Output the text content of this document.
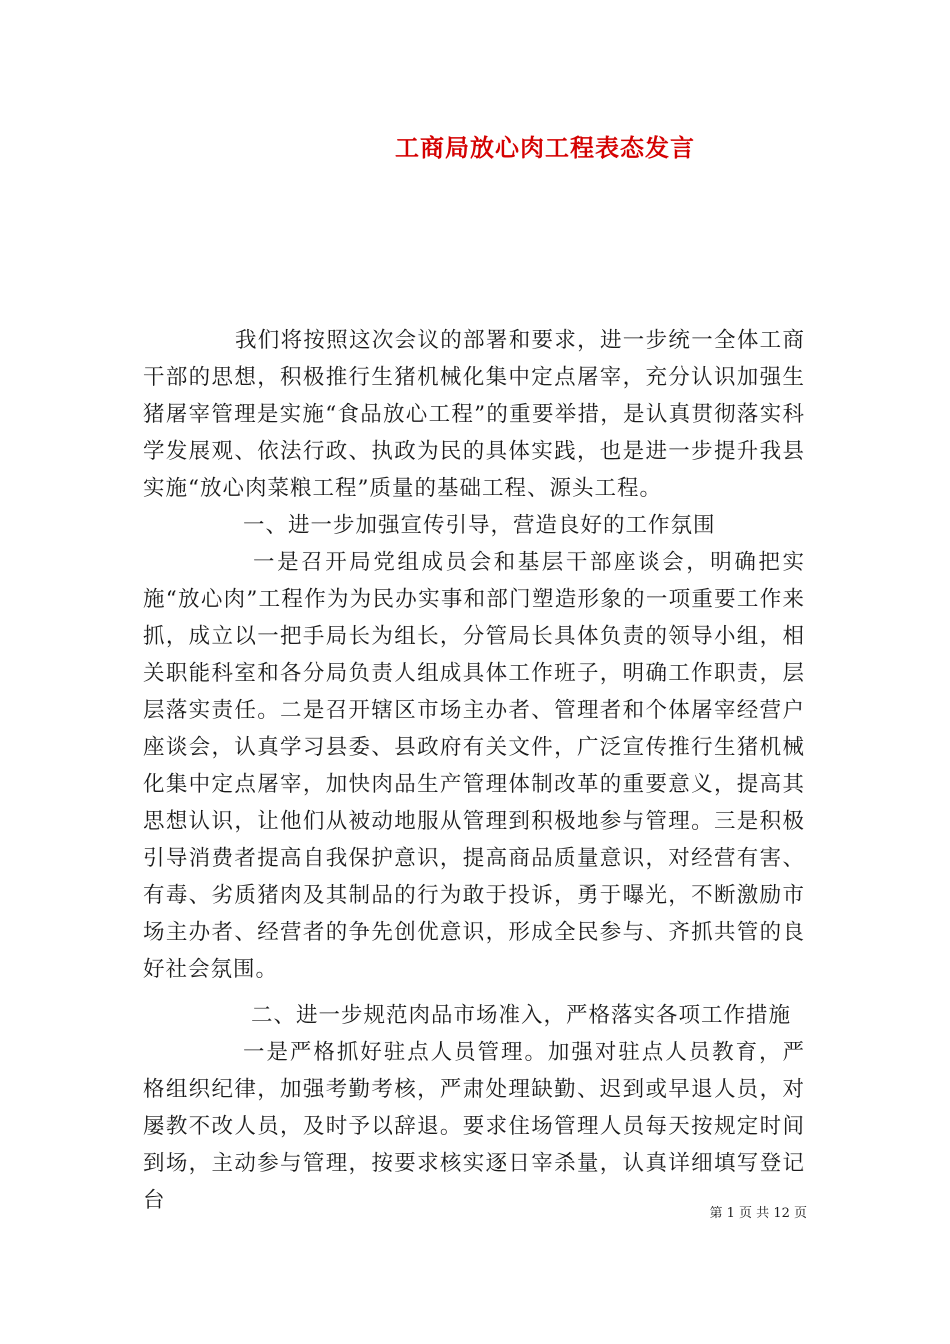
工商局放心肉工程表态发言

我们将按照这次会议的部署和要求，进一步统一全体工商干部的思想，积极推行生猪机械化集中定点屠宰，充分认识加强生猪屠宰管理是实施“食品放心工程”的重要举措，是认真贯彻落实科学发展观、依法行政、执政为民的具体实践，也是进一步提升我县实施“放心肉菜粮工程”质量的基础工程、源头工程。

一、进一步加强宣传引导，营造良好的工作氛围

一是召开局党组成员会和基层干部座谈会，明确把实施“放心肉”工程作为为民办实事和部门塑造形象的一项重要工作来抓，成立以一把手局长为组长，分管局长具体负责的领导小组，相关职能科室和各分局负责人组成具体工作班子，明确工作职责，层层落实责任。二是召开辖区市场主办者、管理者和个体屠宰经营户座谈会，认真学习县委、县政府有关文件，广泛宣传推行生猪机械化集中定点屠宰，加快肉品生产管理体制改革的重要意义，提高其思想认识，让他们从被动地服从管理到积极地参与管理。三是积极引导消费者提高自我保护意识，提高商品质量意识，对经营有害、有毒、劣质猪肉及其制品的行为敢于投诉，勇于曝光，不断激励市场主办者、经营者的争先创优意识，形成全民参与、齐抓共管的良好社会氛围。

二、进一步规范肉品市场准入，严格落实各项工作措施

一是严格抓好驻点人员管理。加强对驻点人员教育，严格组织纪律，加强考勤考核，严肃处理缺勤、迟到或早退人员，对屡教不改人员，及时予以辞退。要求住场管理人员每天按规定时间到场，主动参与管理，按要求核实逐日宰杀量，认真详细填写登记台

第 1 页 共 12 页
